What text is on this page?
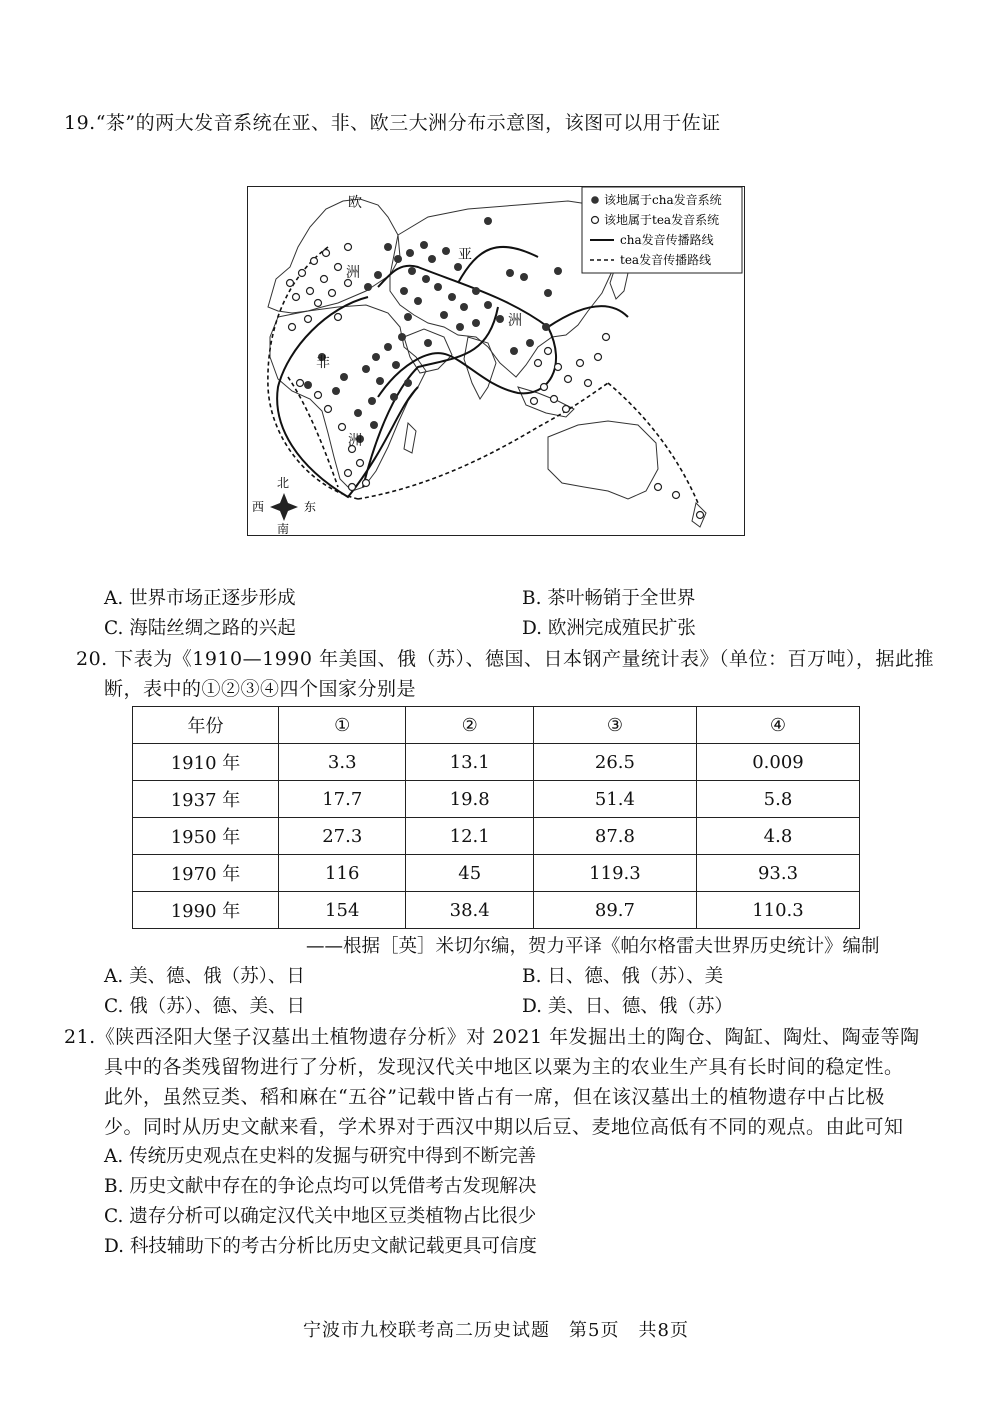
19.“茶”的两大发音系统在亚、非、欧三大洲分布示意图，该图可以用于佐证
欧
洲
亚
洲
非
洲
北
南
西	东
该地属于cha发音系统
该地属于tea发音系统
cha发音传播路线
tea发音传播路线
A. 世界市场正逐步形成	B. 茶叶畅销于全世界
C. 海陆丝绸之路的兴起	D. 欧洲完成殖民扩张
20. 下表为《1910—1990 年美国、俄（苏）、德国、日本钢产量统计表》（单位：百万吨），据此推
断，表中的①②③④四个国家分别是
年份	①	②	③	④
1910 年	3.3	13.1	26.5	0.009
1937 年	17.7	19.8	51.4	5.8
1950 年	27.3	12.1	87.8	4.8
1970 年	116	45	119.3	93.3
1990 年	154	38.4	89.7	110.3
——根据［英］米切尔编，贺力平译《帕尔格雷夫世界历史统计》编制
A. 美、德、俄（苏）、日	B. 日、德、俄（苏）、美
C. 俄（苏）、德、美、日	D. 美、日、德、俄（苏）
21.《陕西泾阳大堡子汉墓出土植物遗存分析》对 2021 年发掘出土的陶仓、陶缸、陶灶、陶壶等陶
具中的各类残留物进行了分析，发现汉代关中地区以粟为主的农业生产具有长时间的稳定性。
此外，虽然豆类、稻和麻在“五谷”记载中皆占有一席，但在该汉墓出土的植物遗存中占比极
少。同时从历史文献来看，学术界对于西汉中期以后豆、麦地位高低有不同的观点。由此可知
A. 传统历史观点在史料的发掘与研究中得到不断完善
B. 历史文献中存在的争论点均可以凭借考古发现解决
C. 遗存分析可以确定汉代关中地区豆类植物占比很少
D. 科技辅助下的考古分析比历史文献记载更具可信度
宁波市九校联考高二历史试题　第5页　共8页
